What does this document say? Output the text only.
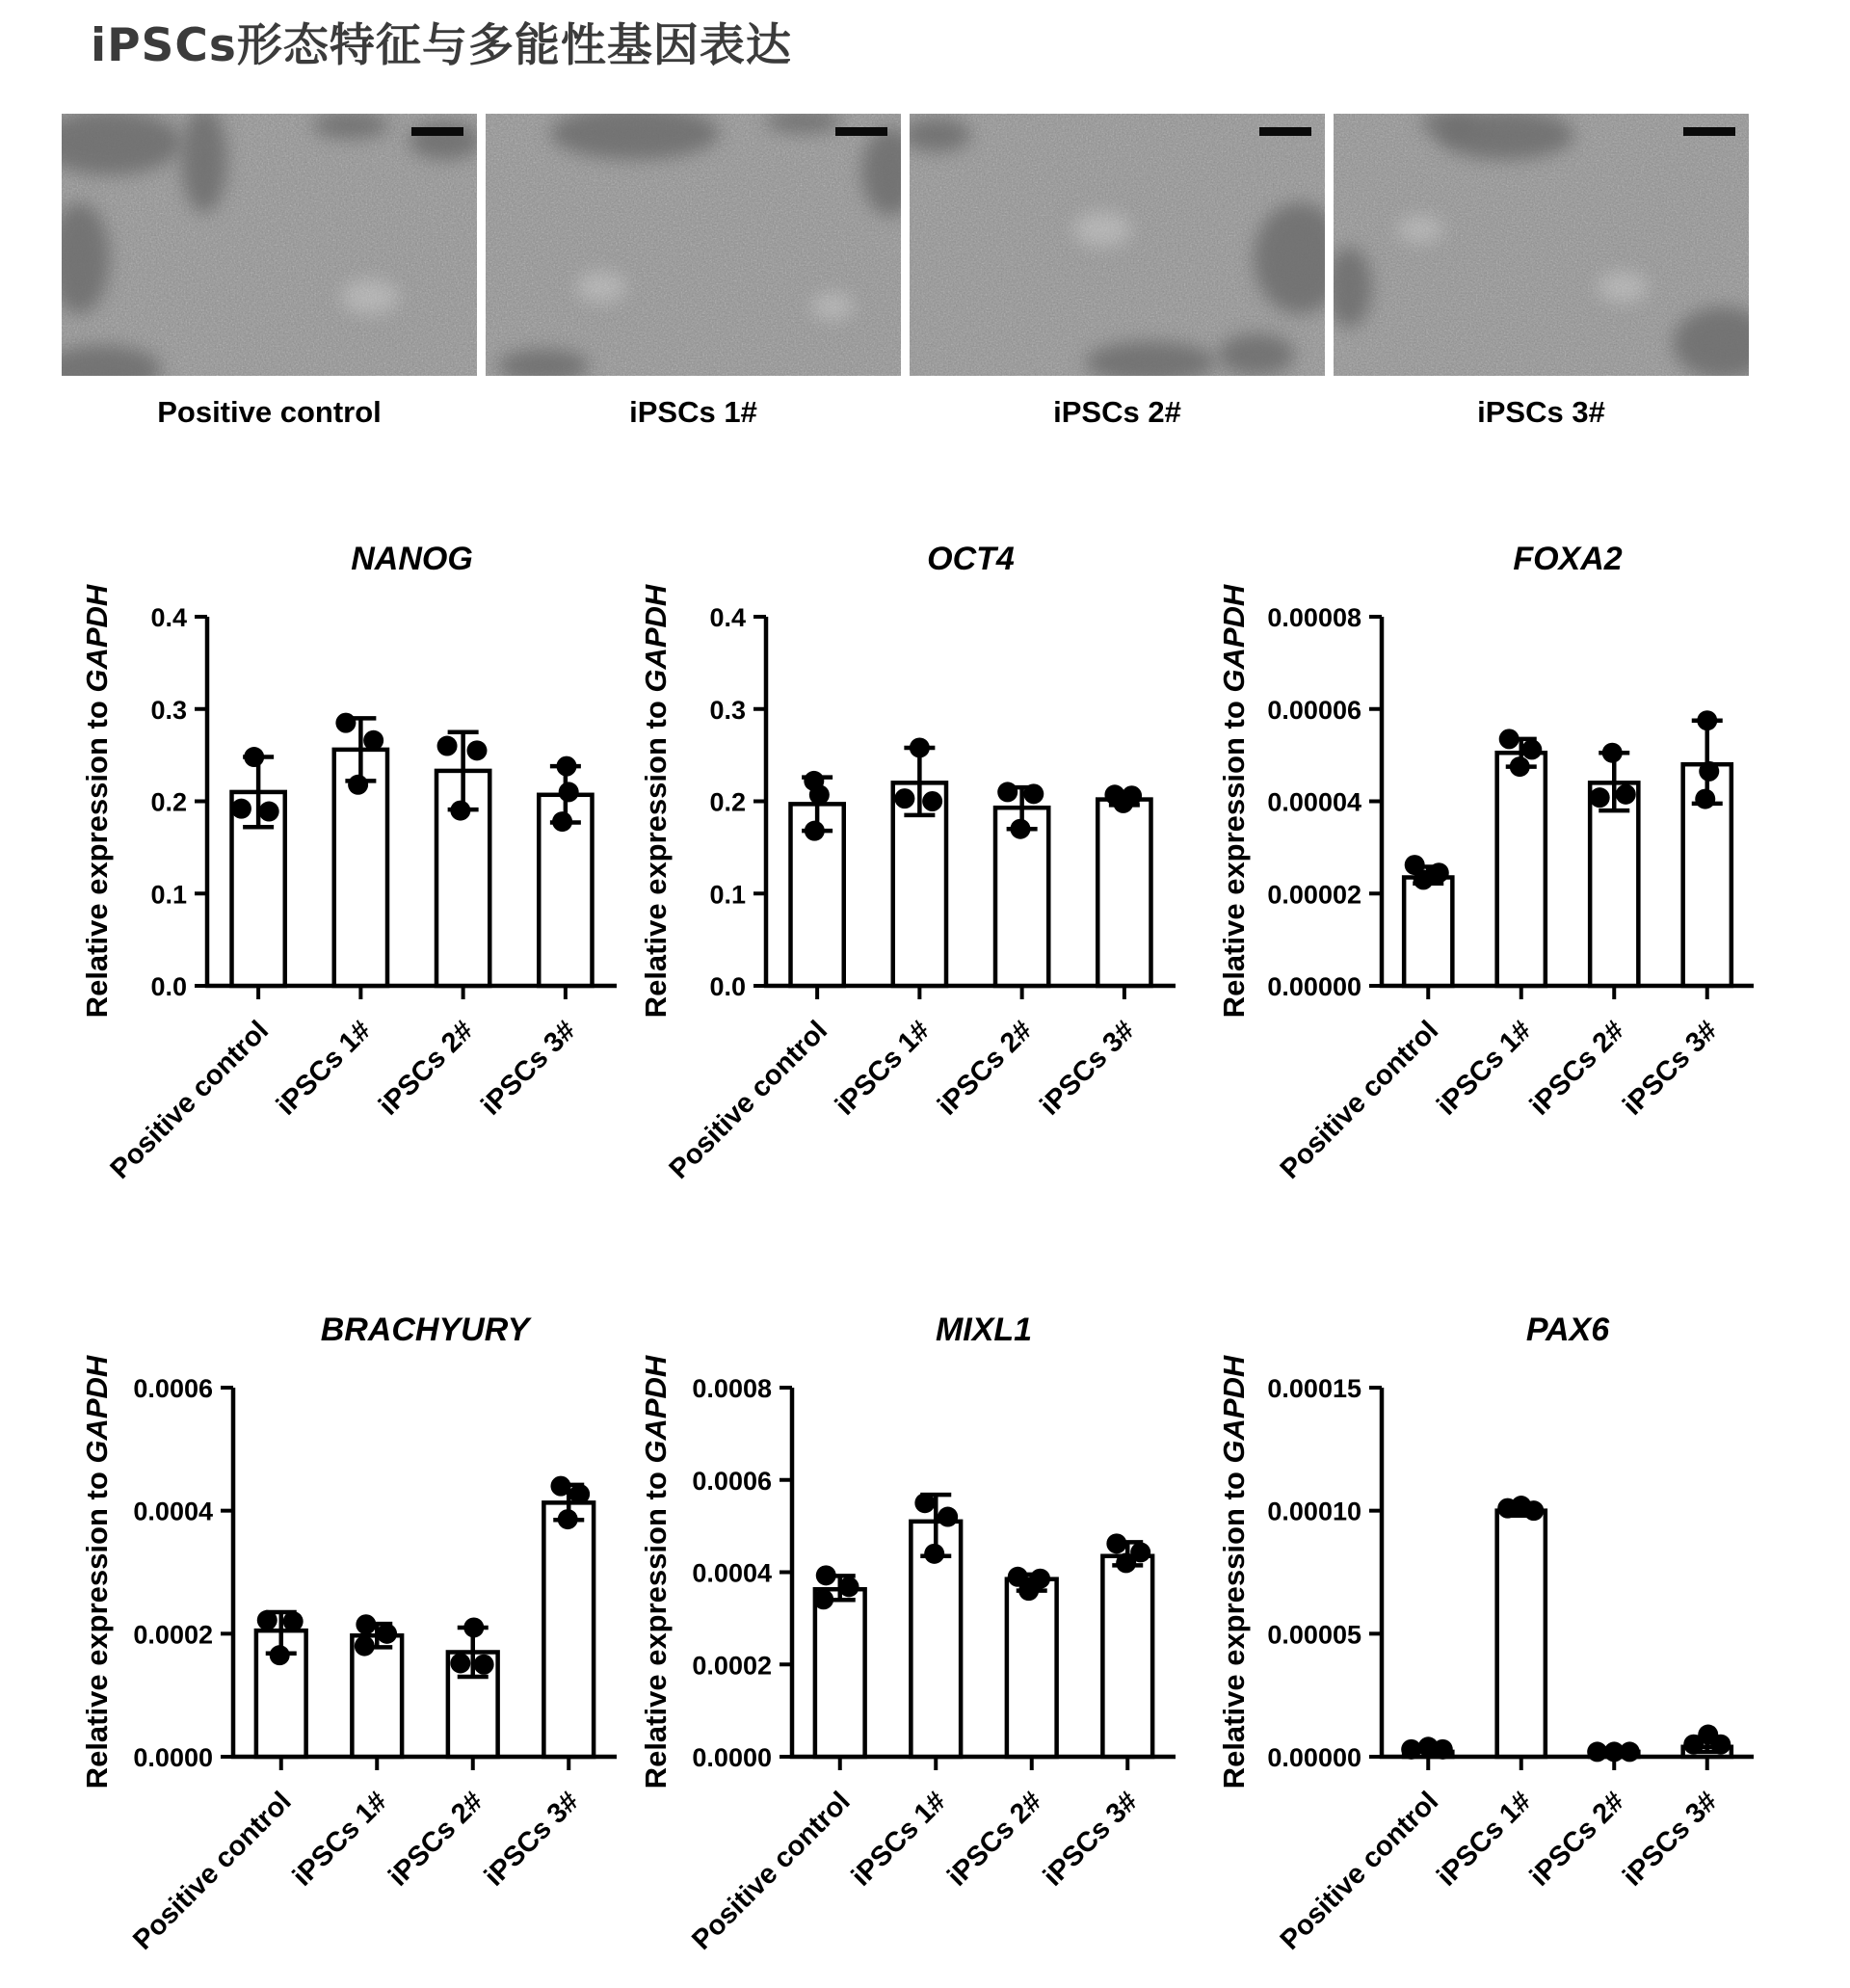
iPSCs形态特征与多能性基因表达
Positive control	iPSCs 1#	iPSCs 2#	iPSCs 3#
NANOG
Relative expression to GAPDH
0.0
0.1
0.2
0.3
0.4
Positive control
iPSCs 1#
iPSCs 2#
iPSCs 3#
OCT4
Relative expression to GAPDH
0.0
0.1
0.2
0.3
0.4
Positive control
iPSCs 1#
iPSCs 2#
iPSCs 3#
FOXA2
Relative expression to GAPDH
0.00000
0.00002
0.00004
0.00006
0.00008
Positive control
iPSCs 1#
iPSCs 2#
iPSCs 3#
BRACHYURY
Relative expression to GAPDH
0.0000
0.0002
0.0004
0.0006
Positive control
iPSCs 1#
iPSCs 2#
iPSCs 3#
MIXL1
Relative expression to GAPDH
0.0000
0.0002
0.0004
0.0006
0.0008
Positive control
iPSCs 1#
iPSCs 2#
iPSCs 3#
PAX6
Relative expression to GAPDH
0.00000
0.00005
0.00010
0.00015
Positive control
iPSCs 1#
iPSCs 2#
iPSCs 3#
